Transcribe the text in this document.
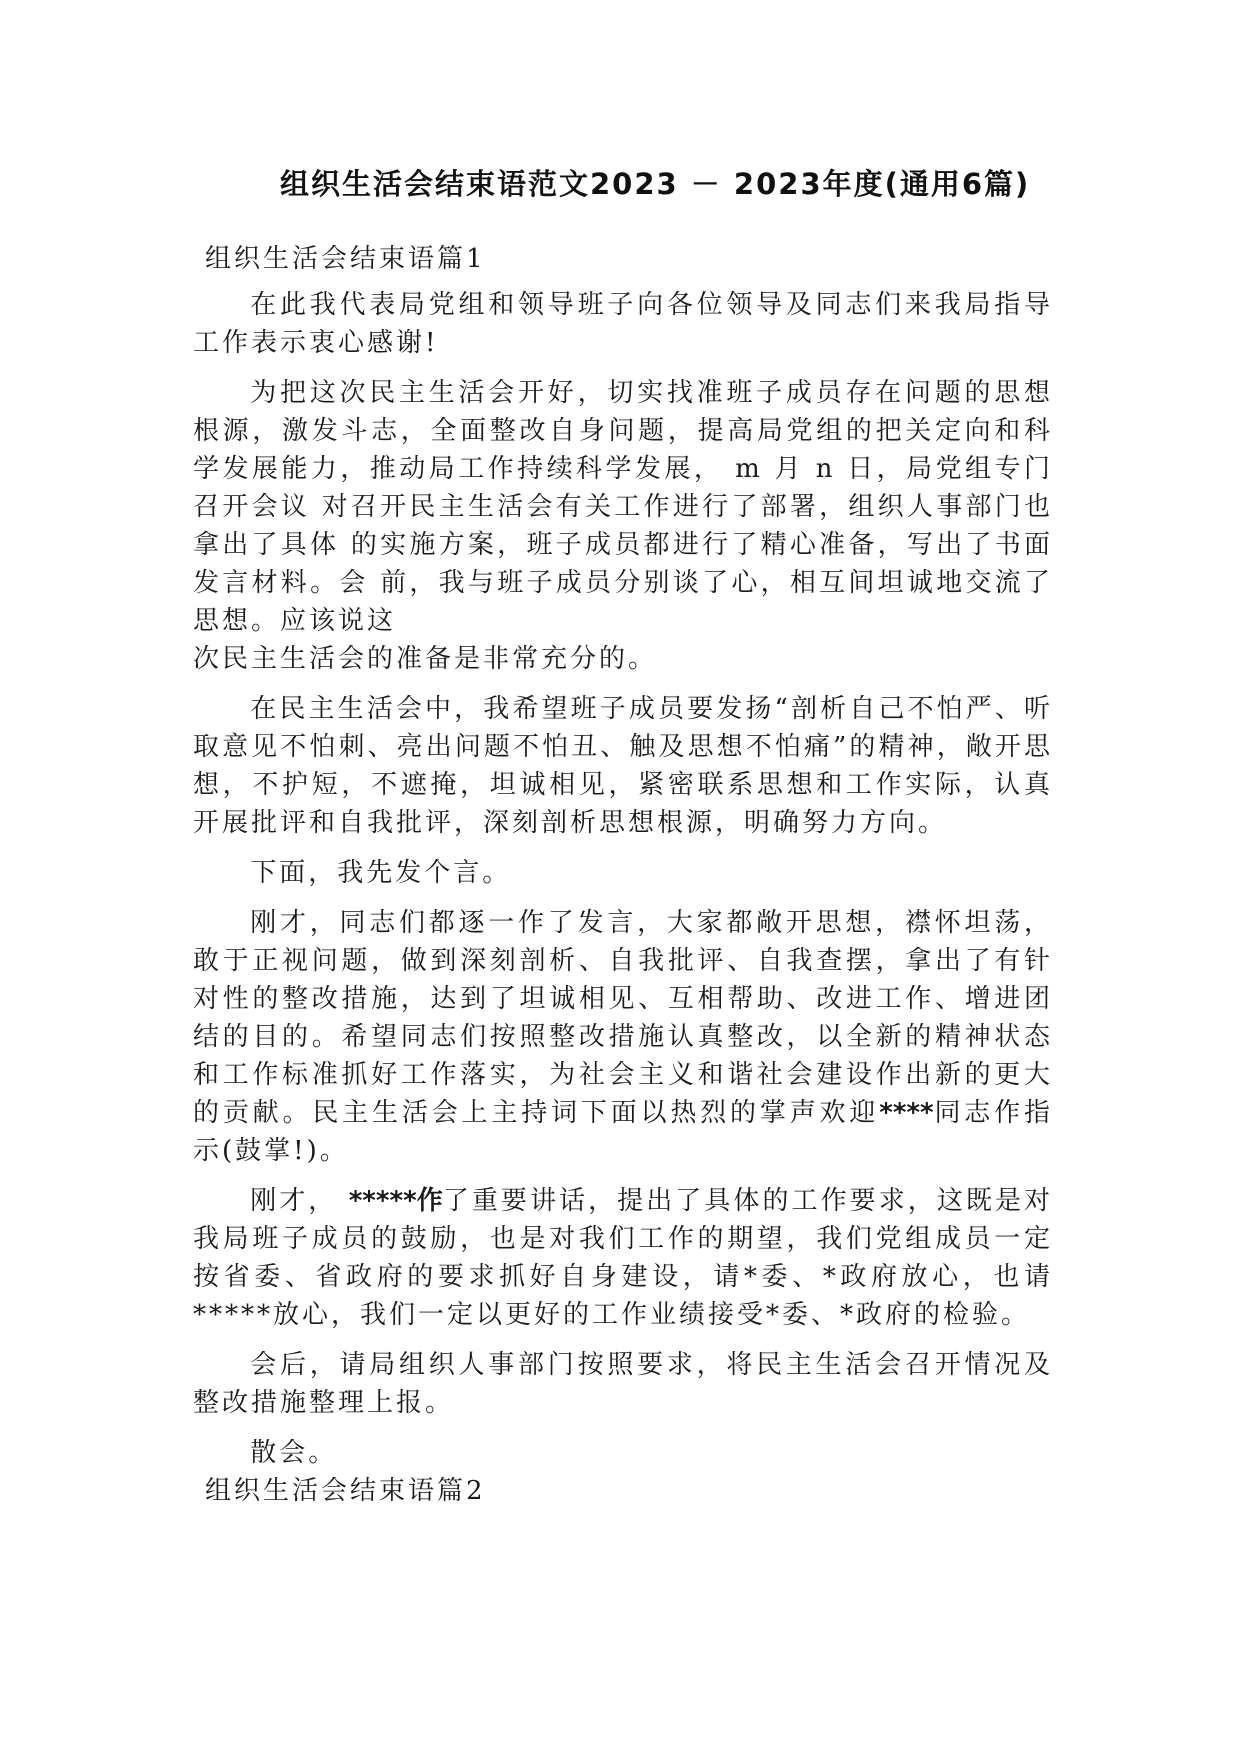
组织生活会结束语范文2023 － 2023年度(通用6篇)

组织生活会结束语篇1

在此我代表局党组和领导班子向各位领导及同志们来我局指导工作表示衷心感谢!

为把这次民主生活会开好，切实找准班子成员存在问题的思想根源，激发斗志，全面整改自身问题，提高局党组的把关定向和科学发展能力，推动局工作持续科学发展， m 月 n 日，局党组专门召开会议 对召开民主生活会有关工作进行了部署，组织人事部门也拿出了具体 的实施方案，班子成员都进行了精心准备，写出了书面发言材料。会 前，我与班子成员分别谈了心，相互间坦诚地交流了思想。应该说这

次民主生活会的准备是非常充分的。

在民主生活会中，我希望班子成员要发扬“剖析自己不怕严、听取意见不怕刺、亮出问题不怕丑、触及思想不怕痛”的精神，敞开思想，不护短，不遮掩，坦诚相见，紧密联系思想和工作实际，认真开展批评和自我批评，深刻剖析思想根源，明确努力方向。

下面，我先发个言。

刚才，同志们都逐一作了发言，大家都敞开思想，襟怀坦荡，敢于正视问题，做到深刻剖析、自我批评、自我查摆，拿出了有针对性的整改措施，达到了坦诚相见、互相帮助、改进工作、增进团结的目的。希望同志们按照整改措施认真整改，以全新的精神状态和工作标准抓好工作落实，为社会主义和谐社会建设作出新的更大的贡献。民主生活会上主持词下面以热烈的掌声欢迎****同志作指示(鼓掌!)。

刚才， *****作了重要讲话，提出了具体的工作要求，这既是对我局班子成员的鼓励，也是对我们工作的期望，我们党组成员一定按省委、省政府的要求抓好自身建设，请*委、*政府放心，也请*****放心，我们一定以更好的工作业绩接受*委、*政府的检验。

会后，请局组织人事部门按照要求，将民主生活会召开情况及整改措施整理上报。

散会。

组织生活会结束语篇2
